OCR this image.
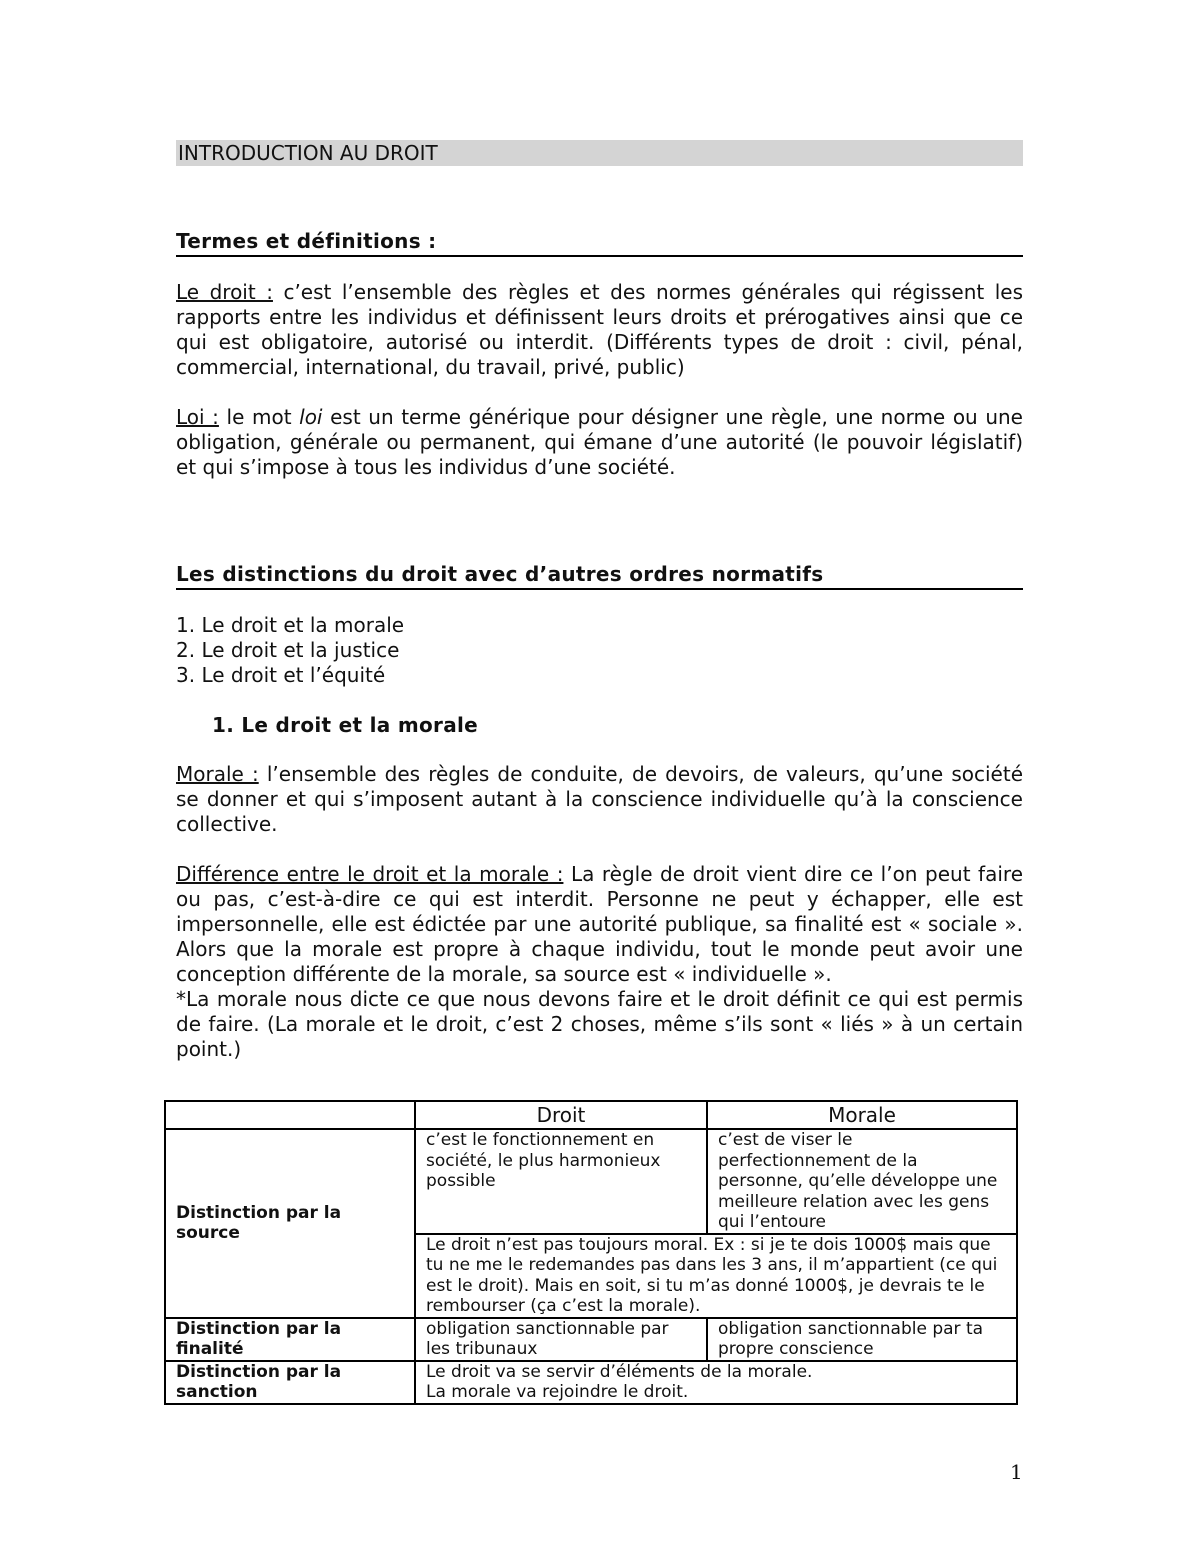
INTRODUCTION AU DROIT
Termes et définitions :

Le droit : c’est l’ensemble des règles et des normes générales qui régissent les rapports entre les individus et définissent leurs droits et prérogatives ainsi que ce qui est obligatoire, autorisé ou interdit. (Différents types de droit : civil, pénal, commercial, international, du travail, privé, public)

Loi : le mot loi est un terme générique pour désigner une règle, une norme ou une obligation, générale ou permanent, qui émane d’une autorité (le pouvoir législatif) et qui s’impose à tous les individus d’une société.

Les distinctions du droit avec d’autres ordres normatifs
1. Le droit et la morale
2. Le droit et la justice
3. Le droit et l’équité
1. Le droit et la morale

Morale : l’ensemble des règles de conduite, de devoirs, de valeurs, qu’une société se donner et qui s’imposent autant à la conscience individuelle qu’à la conscience collective.

Différence entre le droit et la morale : La règle de droit vient dire ce l’on peut faire ou pas, c’est-à-dire ce qui est interdit. Personne ne peut y échapper, elle est impersonnelle, elle est édictée par une autorité publique, sa finalité est « sociale ». Alors que la morale est propre à chaque individu, tout le monde peut avoir une conception différente de la morale, sa source est « individuelle ».

*La morale nous dicte ce que nous devons faire et le droit définit ce qui est permis de faire. (La morale et le droit, c’est 2 choses, même s’ils sont « liés » à un certain point.)

	Droit	Morale
Distinction par la source	c’est le fonctionnement en société, le plus harmonieux possible	c’est de viser le perfectionnement de la personne, qu’elle développe une meilleure relation avec les gens qui l’entoure
	Le droit n’est pas toujours moral. Ex : si je te dois 1000$ mais que tu ne me le redemandes pas dans les 3 ans, il m’appartient (ce qui est le droit). Mais en soit, si tu m’as donné 1000$, je devrais te le rembourser (ça c’est la morale).	
Distinction par la finalité	obligation sanctionnable par les tribunaux	obligation sanctionnable par ta propre conscience
Distinction par la sanction	Le droit va se servir d’éléments de la morale.
La morale va rejoindre le droit.	
1
